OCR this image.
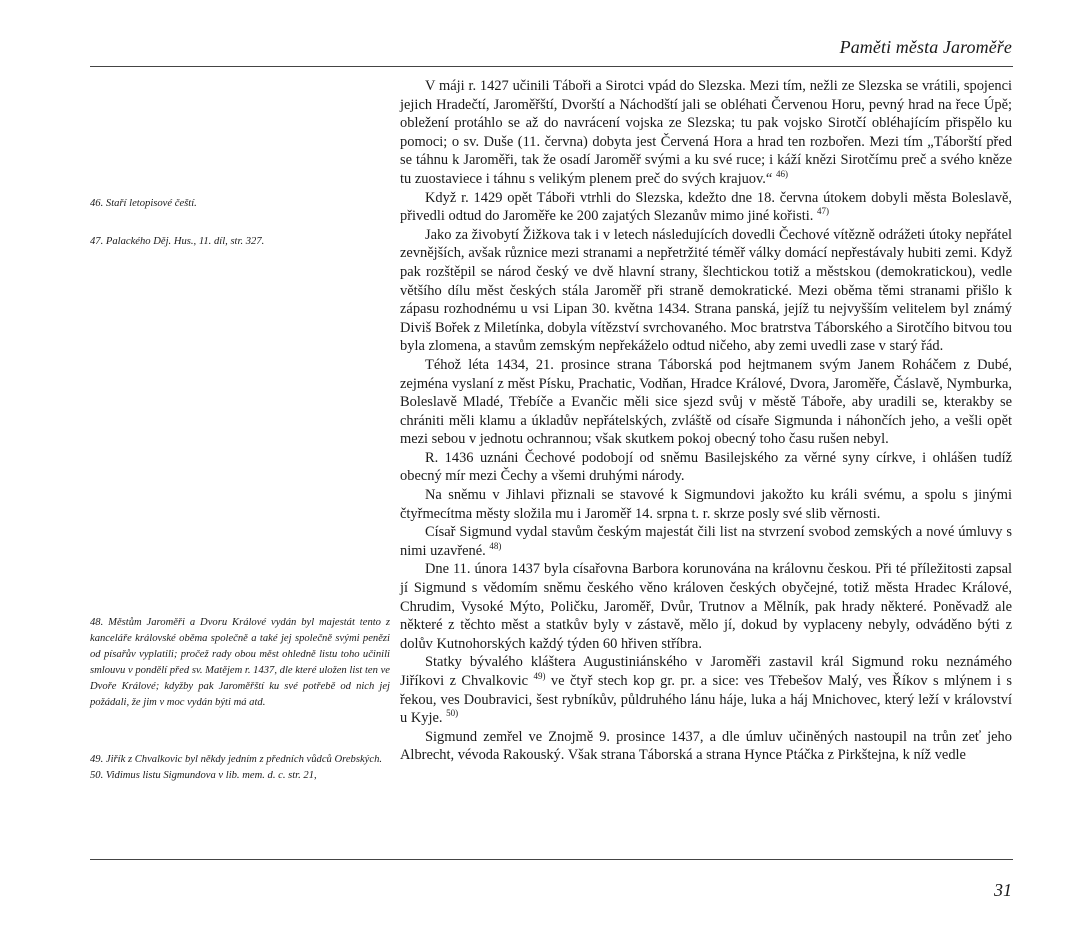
Paměti města Jaroměře

46. Staří letopisové čeští.

47. Palackého Děj. Hus., 11. díl, str. 327.

48. Městům Jaroměři a Dvoru Králové vydán byl majestát tento z kanceláře královské oběma společně a také jej společně svými penězi od písařův vyplatili; pročež rady obou měst ohledně listu toho učinili smlouvu v pondělí před sv. Matějem r. 1437, dle které uložen list ten ve Dvoře Králové; kdyžby pak Jaroměřští ku své potřebě od nich jej požádali, že jim v moc vydán býti má atd.

49. Jiřík z Chvalkovic byl někdy jedním z předních vůdců Orebských.

50. Vidimus listu Sigmundova v lib. mem. d. c. str. 21,

V máji r. 1427 učinili Táboři a Sirotci vpád do Slezska. Mezi tím, nežli ze Slezska se vrátili, spojenci jejich Hradečtí, Jaroměřští, Dvorští a Náchodští jali se obléhati Červenou Horu, pevný hrad na řece Úpě; obležení protáhlo se až do navrácení vojska ze Slezska; tu pak vojsko Sirotčí obléhajícím přispělo ku pomoci; o sv. Duše (11. června) dobyta jest Červená Hora a hrad ten rozbořen. Mezi tím „Táborští před se táhnu k Jaroměři, tak že osadí Jaroměř svými a ku své ruce; i káží knězi Sirotčímu preč a svého kněze tu zuostaviece i táhnu s velikým plenem preč do svých krajuov.“ $^{46)}$

Když r. 1429 opět Táboři vtrhli do Slezska, kdežto dne 18. června útokem dobyli města Boleslavě, přivedli odtud do Jaroměře ke 200 zajatých Slezanův mimo jiné kořisti. $^{47)}$

Jako za živobytí Žižkova tak i v letech následujících dovedli Čechové vítězně odrážeti útoky nepřátel zevnějších, avšak různice mezi stranami a nepřetržité téměř války domácí nepřestávaly hubiti zemi. Když pak rozštěpil se národ český ve dvě hlavní strany, šlechtickou totiž a městskou (demokratickou), vedle většího dílu měst českých stála Jaroměř při straně demokratické. Mezi oběma těmi stranami přišlo k zápasu rozhodnému u vsi Lipan 30. května 1434. Strana panská, jejíž tu nejvyšším velitelem byl známý Diviš Bořek z Miletínka, dobyla vítězství svrchovaného. Moc bratrstva Táborského a Sirotčího bitvou tou byla zlomena, a stavům zemským nepřekáželo odtud ničeho, aby zemi uvedli zase v starý řád.

Téhož léta 1434, 21. prosince strana Táborská pod hejtmanem svým Janem Roháčem z Dubé, zejména vyslaní z měst Písku, Prachatic, Vodňan, Hradce Králové, Dvora, Jaroměře, Čáslavě, Nymburka, Boleslavě Mladé, Třebíče a Evančic měli sice sjezd svůj v městě Táboře, aby uradili se, kterakby se chrániti měli klamu a úkladův nepřátelských, zvláště od císaře Sigmunda i náhončích jeho, a vešli opět mezi sebou v jednotu ochrannou; však skutkem pokoj obecný toho času rušen nebyl.

R. 1436 uznáni Čechové podobojí od sněmu Basilejského za věrné syny církve, i ohlášen tudíž obecný mír mezi Čechy a všemi druhými národy.

Na sněmu v Jihlavi přiznali se stavové k Sigmundovi jakožto ku králi svému, a spolu s jinými čtyřmecítma městy složila mu i Jaroměř 14. srpna t. r. skrze posly své slib věrnosti.

Císař Sigmund vydal stavům českým majestát čili list na stvrzení svobod zemských a nové úmluvy s nimi uzavřené. $^{48)}$

Dne 11. února 1437 byla císařovna Barbora korunována na královnu českou. Při té příležitosti zapsal jí Sigmund s vědomím sněmu českého věno královen českých obyčejné, totiž města Hradec Králové, Chrudim, Vysoké Mýto, Poličku, Jaroměř, Dvůr, Trutnov a Mělník, pak hrady některé. Poněvadž ale některé z těchto měst a statkův byly v zástavě, mělo jí, dokud by vyplaceny nebyly, odváděno býti z dolův Kutnohorských každý týden 60 hřiven stříbra.

Statky bývalého kláštera Augustiniánského v Jaroměři zastavil král Sigmund roku neznámého Jiříkovi z Chvalkovic $^{49)}$ ve čtyř stech kop gr. pr. a sice: ves Třebešov Malý, ves Říkov s mlýnem i s řekou, ves Doubravici, šest rybníkův, půldruhého lánu háje, luka a háj Mnichovec, který leží v království u Kyje. $^{50)}$

Sigmund zemřel ve Znojmě 9. prosince 1437, a dle úmluv učiněných nastoupil na trůn zeť jeho Albrecht, vévoda Rakouský. Však strana Táborská a strana Hynce Ptáčka z Pirkštejna, k níž vedle

31
